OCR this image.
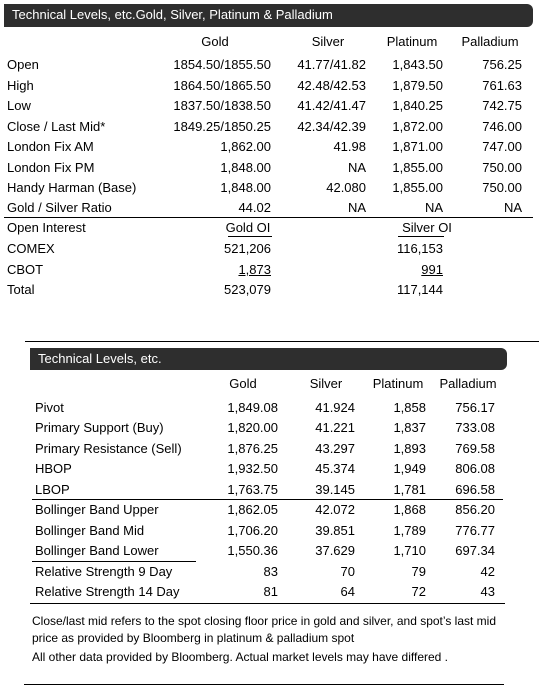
Technical Levels, etc.Gold, Silver, Platinum & Palladium
Gold	Silver	Platinum	Palladium
Open	1854.50/1855.50 41.77/41.82 1,843.50	756.25
High	1864.50/1865.50 42.48/42.53 1,879.50	761.63
Low	1837.50/1838.50 41.42/41.47 1,840.25	742.75
Close / Last Mid*	1849.25/1850.25 42.34/42.39 1,872.00	746.00
London Fix AM	1,862.00	41.98 1,871.00	747.00
London Fix PM	1,848.00	NA 1,855.00	750.00
Handy Harman (Base)	1,848.00	42.080 1,855.00	750.00
Gold / Silver Ratio	44.02	NA	NA	NA
Open Interest	Gold OI	Silver OI
COMEX	521,206	116,153
CBOT	1,873	991
Total	523,079	117,144
Technical Levels, etc.
Gold	Silver	Platinum	Palladium
Pivot	1,849.08	41.924	1,858 756.17
Primary Support (Buy)	1,820.00	41.221	1,837 733.08
Primary Resistance (Sell)	1,876.25	43.297	1,893 769.58
HBOP	1,932.50	45.374	1,949 806.08
LBOP	1,763.75	39.145	1,781 696.58
Bollinger Band Upper	1,862.05	42.072	1,868 856.20
Bollinger Band Mid	1,706.20	39.851	1,789 776.77
Bollinger Band Lower	1,550.36	37.629	1,710 697.34
Relative Strength 9 Day	83	70	79	42
Relative Strength 14 Day	81	64	72	43
Close/last mid refers to the spot closing floor price in gold and silver, and spot’s last mid
price as provided by Bloomberg in platinum & palladium spot
All other data provided by Bloomberg. Actual market levels may have differed .
